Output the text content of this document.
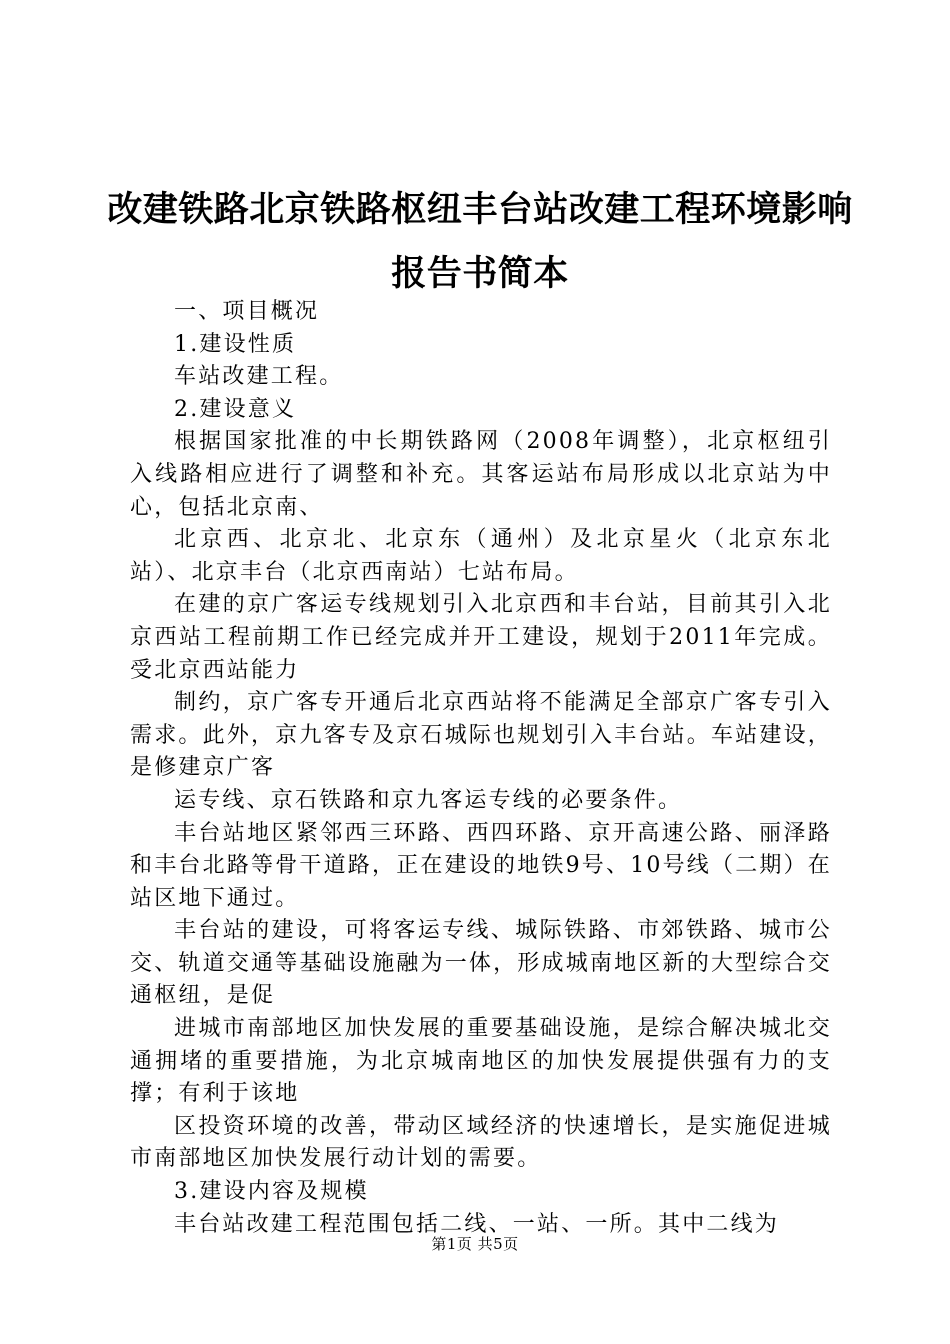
改建铁路北京铁路枢纽丰台站改建工程环境影响报告书简本

一、项目概况

1.建设性质

车站改建工程。

2.建设意义

根据国家批准的中长期铁路网（2008年调整），北京枢纽引入线路相应进行了调整和补充。其客运站布局形成以北京站为中心，包括北京南、

北京西、北京北、北京东（通州）及北京星火（北京东北站）、北京丰台（北京西南站）七站布局。

在建的京广客运专线规划引入北京西和丰台站，目前其引入北京西站工程前期工作已经完成并开工建设，规划于2011年完成。受北京西站能力

制约，京广客专开通后北京西站将不能满足全部京广客专引入需求。此外，京九客专及京石城际也规划引入丰台站。车站建设，是修建京广客

运专线、京石铁路和京九客运专线的必要条件。

丰台站地区紧邻西三环路、西四环路、京开高速公路、丽泽路和丰台北路等骨干道路，正在建设的地铁9号、10号线（二期）在站区地下通过。

丰台站的建设，可将客运专线、城际铁路、市郊铁路、城市公交、轨道交通等基础设施融为一体，形成城南地区新的大型综合交通枢纽，是促

进城市南部地区加快发展的重要基础设施，是综合解决城北交通拥堵的重要措施，为北京城南地区的加快发展提供强有力的支撑；有利于该地

区投资环境的改善，带动区域经济的快速增长，是实施促进城市南部地区加快发展行动计划的需要。

3.建设内容及规模

丰台站改建工程范围包括二线、一站、一所。其中二线为

第1页 共5页
